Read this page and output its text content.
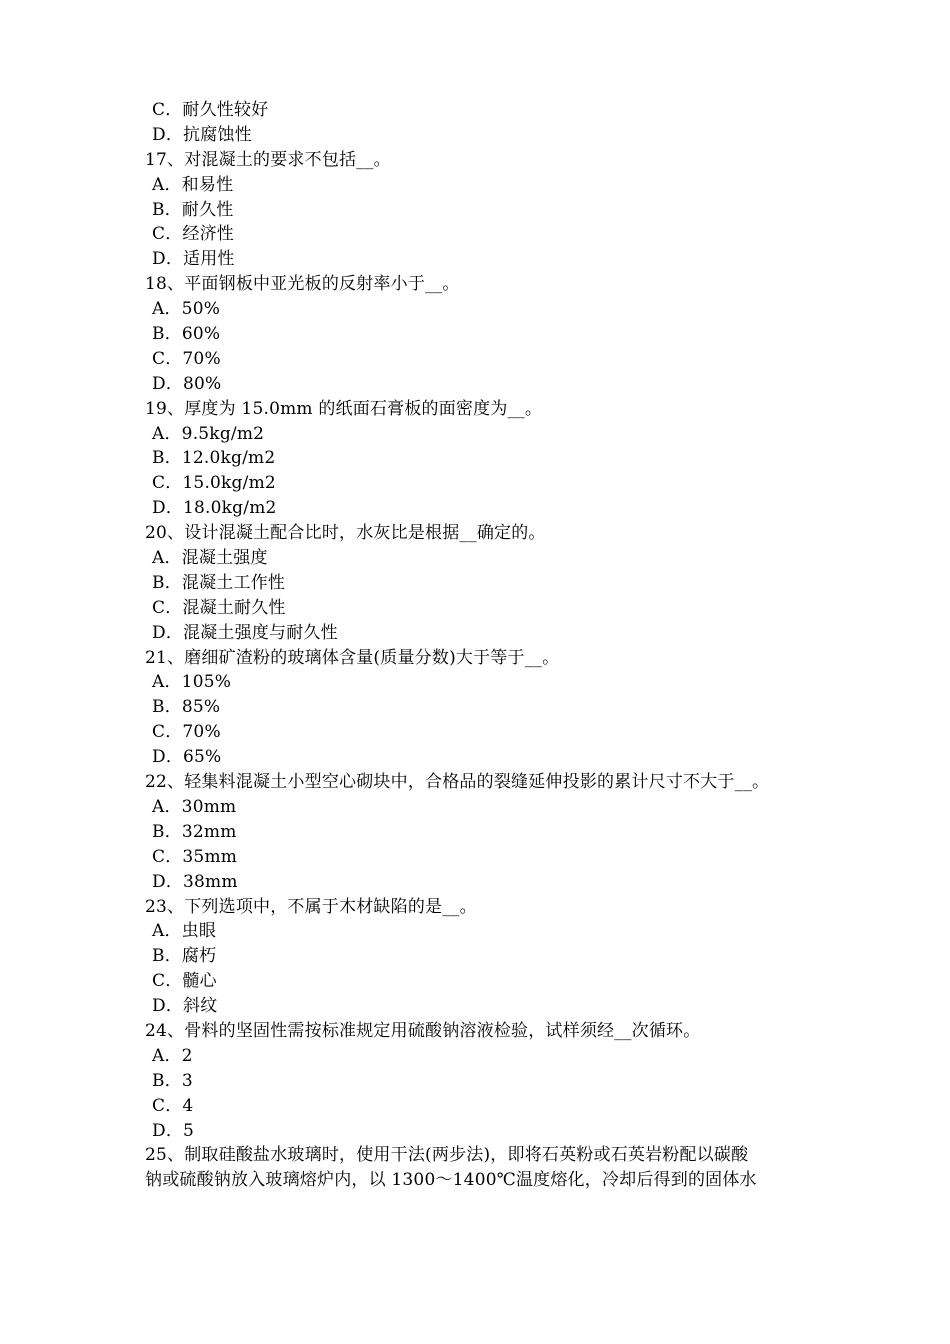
C．耐久性较好
D．抗腐蚀性
17、对混凝土的要求不包括__。
A．和易性
B．耐久性
C．经济性
D．适用性
18、平面钢板中亚光板的反射率小于__。
A．50%
B．60%
C．70%
D．80%
19、厚度为 15.0mm 的纸面石膏板的面密度为__。
A．9.5kg/m2
B．12.0kg/m2
C．15.0kg/m2
D．18.0kg/m2
20、设计混凝土配合比时，水灰比是根据__确定的。
A．混凝土强度
B．混凝土工作性
C．混凝土耐久性
D．混凝土强度与耐久性
21、磨细矿渣粉的玻璃体含量(质量分数)大于等于__。
A．105%
B．85%
C．70%
D．65%
22、轻集料混凝土小型空心砌块中，合格品的裂缝延伸投影的累计尺寸不大于__。
A．30mm
B．32mm
C．35mm
D．38mm
23、下列选项中，不属于木材缺陷的是__。
A．虫眼
B．腐朽
C．髓心
D．斜纹
24、骨料的坚固性需按标准规定用硫酸钠溶液检验，试样须经__次循环。
A．2
B．3
C．4
D．5
25、制取硅酸盐水玻璃时，使用干法(两步法)，即将石英粉或石英岩粉配以碳酸
钠或硫酸钠放入玻璃熔炉内，以 1300～1400℃温度熔化，冷却后得到的固体水
